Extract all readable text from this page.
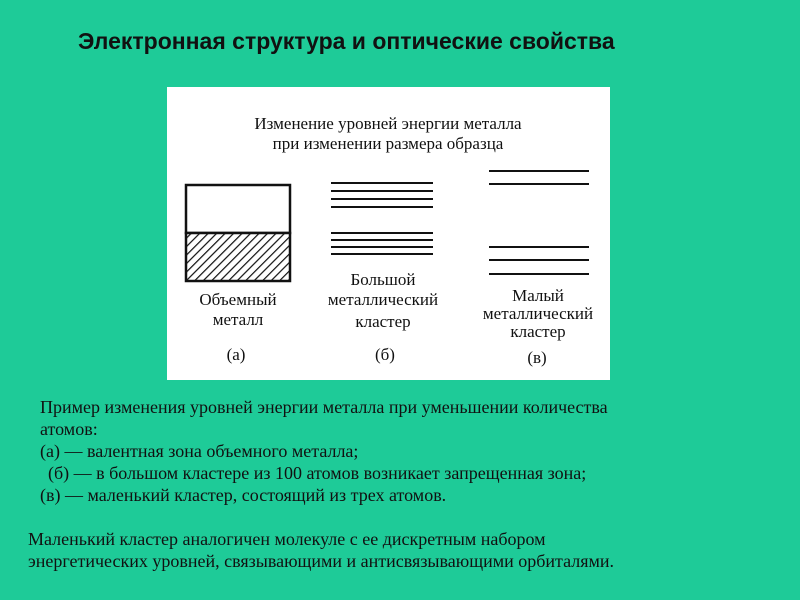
Электронная структура и оптические свойства
Изменение уровней энергии металла
при изменении размера образца
Объемный
металл
(а)
Большой
металлический
кластер
(б)
Малый
металлический
кластер
(в)

Пример изменения уровней энергии металла при уменьшении количества

атомов:

(а) — валентная зона объемного металла;

(б) — в большом кластере из 100 атомов возникает запрещенная зона;

(в) — маленький кластер, состоящий из трех атомов.

Маленький кластер аналогичен молекуле с ее дискретным набором

энергетических уровней, связывающими и антисвязывающими орбиталями.
